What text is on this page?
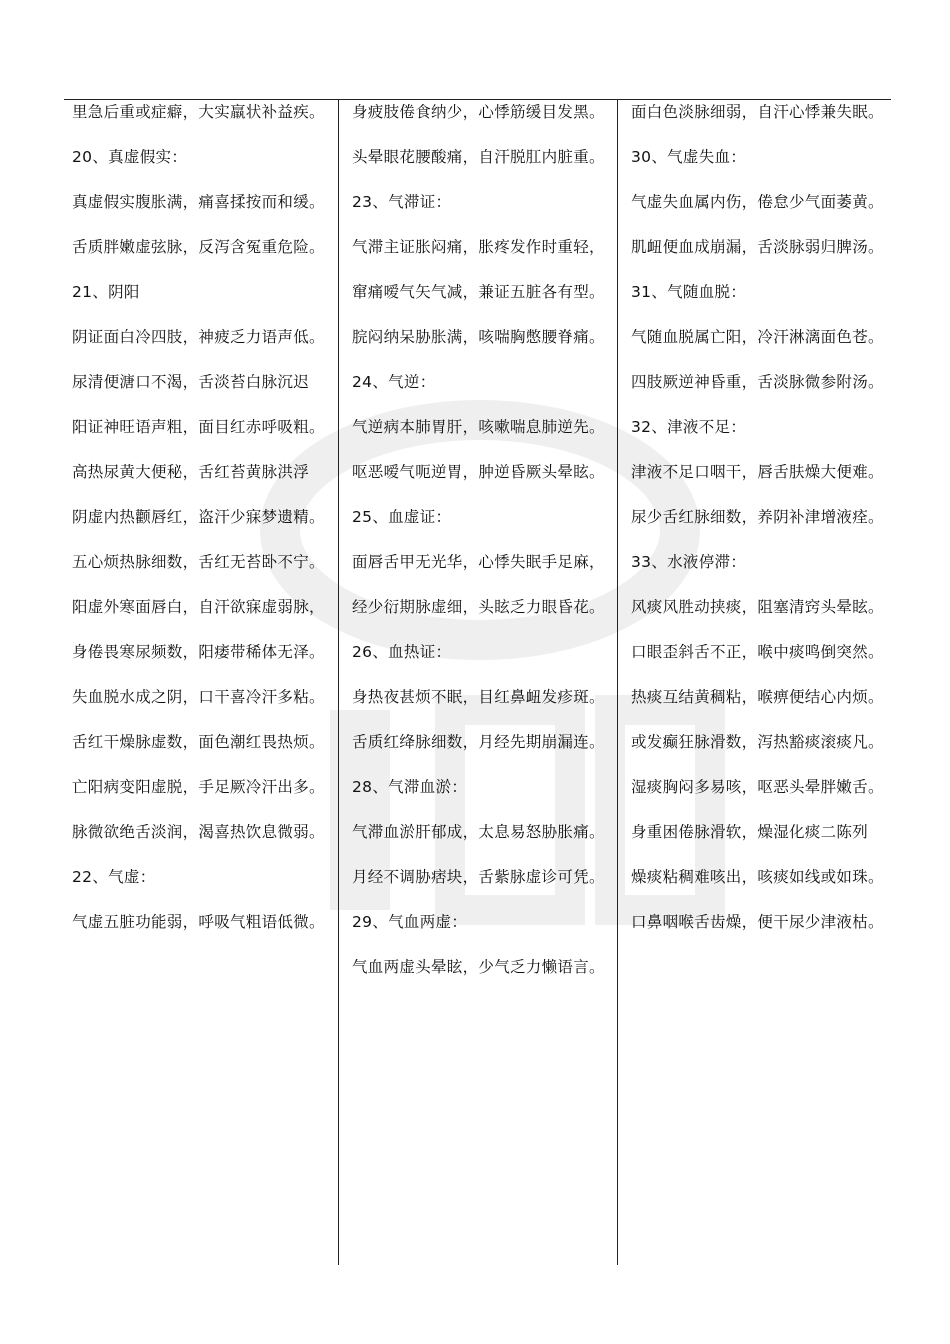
里急后重或症癖，大实羸状补益疾。

20、真虚假实：

真虚假实腹胀满，痛喜揉按而和缓。

舌质胖嫩虚弦脉，反泻含冤重危险。

21、阴阳

阴证面白冷四肢，神疲乏力语声低。

尿清便溏口不渴，舌淡苔白脉沉迟

阳证神旺语声粗，面目红赤呼吸粗。

高热尿黄大便秘，舌红苔黄脉洪浮

阴虚内热颧唇红，盗汗少寐梦遗精。

五心烦热脉细数，舌红无苔卧不宁。

阳虚外寒面唇白，自汗欲寐虚弱脉，

身倦畏寒尿频数，阳痿带稀体无泽。

失血脱水成之阴，口干喜冷汗多粘。

舌红干燥脉虚数，面色潮红畏热烦。

亡阳病变阳虚脱，手足厥冷汗出多。

脉微欲绝舌淡润，渴喜热饮息微弱。

22、气虚：

气虚五脏功能弱，呼吸气粗语低微。

身疲肢倦食纳少，心悸筋缓目发黑。

头晕眼花腰酸痛，自汗脱肛内脏重。

23、气滞证：

气滞主证胀闷痛，胀疼发作时重轻，

窜痛嗳气矢气减，兼证五脏各有型。

脘闷纳呆胁胀满，咳喘胸憋腰脊痛。

24、气逆：

气逆病本肺胃肝，咳嗽喘息肺逆先。

呕恶嗳气呃逆胃，肿逆昏厥头晕眩。

25、血虚证：

面唇舌甲无光华，心悸失眠手足麻，

经少衍期脉虚细，头眩乏力眼昏花。

26、血热证：

身热夜甚烦不眠，目红鼻衄发疹斑。

舌质红绛脉细数，月经先期崩漏连。

28、气滞血淤：

气滞血淤肝郁成，太息易怒胁胀痛。

月经不调胁痞块，舌紫脉虚诊可凭。

29、气血两虚：

气血两虚头晕眩，少气乏力懒语言。

面白色淡脉细弱，自汗心悸兼失眠。

30、气虚失血：

气虚失血属内伤，倦怠少气面萎黄。

肌衄便血成崩漏，舌淡脉弱归脾汤。

31、气随血脱：

气随血脱属亡阳，冷汗淋漓面色苍。

四肢厥逆神昏重，舌淡脉微参附汤。

32、津液不足：

津液不足口咽干，唇舌肤燥大便难。

尿少舌红脉细数，养阴补津增液痊。

33、水液停滞：

风痰风胜动挟痰，阻塞清窍头晕眩。

口眼歪斜舌不正，喉中痰鸣倒突然。

热痰互结黄稠粘，喉痹便结心内烦。

或发癫狂脉滑数，泻热豁痰滚痰凡。

湿痰胸闷多易咳，呕恶头晕胖嫩舌。

身重困倦脉滑软，燥湿化痰二陈列

燥痰粘稠难咳出，咳痰如线或如珠。

口鼻咽喉舌齿燥，便干尿少津液枯。
